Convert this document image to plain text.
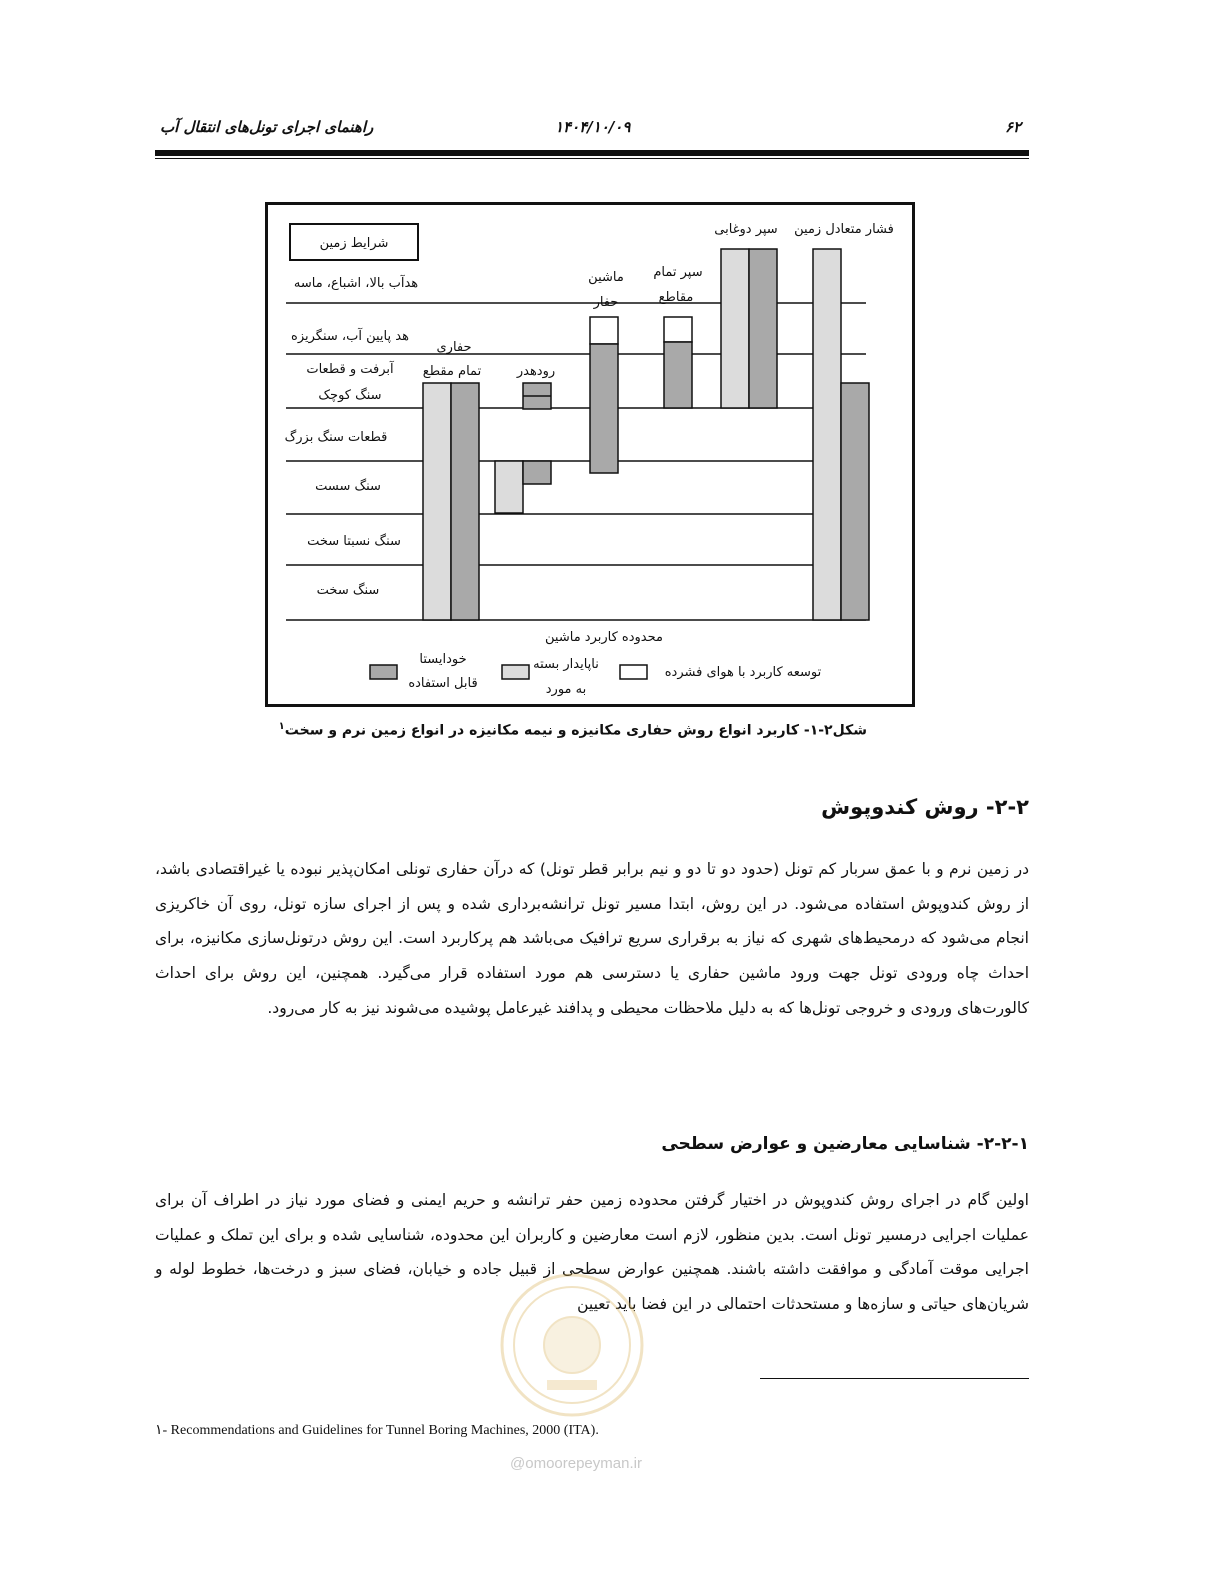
۶۲
۱۴۰۴/۱۰/۰۹
راهنمای اجرای تونل‌های انتقال آب
شرایط زمین
هدآب بالا، اشباع، ماسه
هد پایین آب، سنگریزه
آبرفت و قطعات
سنگ کوچک
قطعات سنگ بزرگ
سنگ سست
سنگ نسبتا سخت
سنگ سخت
حفاری
تمام مقطع	رودهدر
ماشین
حفار
سپر تمام
مقاطع
سپر دوغابی فشار متعادل زمین
محدوده کاربرد ماشین
خودایستا
قابل استفاده
ناپایدار بسته
به مورد
توسعه کاربرد با هوای فشرده
شکل۲-۱- کاربرد انواع روش حفاری مکانیزه و نیمه مکانیزه در انواع زمین نرم و سخت$^۱$
۲-۲- روش کندوپوش
در زمین نرم و با عمق سربار کم تونل (حدود دو تا دو و نیم برابر قطر تونل) که درآن حفاری تونلی امکان‌پذیر نبوده یا غیراقتصادی باشد، از روش کندوپوش استفاده می‌شود. در این روش، ابتدا مسیر تونل ترانشه‌برداری شده و پس از اجرای سازه تونل، روی آن خاکریزی انجام می‌شود که درمحیط‌های شهری که نیاز به برقراری سریع ترافیک می‌باشد هم پرکاربرد است. این روش درتونل‌سازی مکانیزه، برای احداث چاه ورودی تونل جهت ورود ماشین حفاری یا دسترسی هم مورد استفاده قرار می‌گیرد. همچنین، این روش برای احداث کالورت‌های ورودی و خروجی تونل‌ها که به دلیل ملاحظات محیطی و پدافند غیرعامل پوشیده می‌شوند نیز به کار می‌رود.
۲-۲-۱- شناسایی معارضین و عوارض سطحی
اولین گام در اجرای روش کندوپوش در اختیار گرفتن محدوده زمین حفر ترانشه و حریم ایمنی و فضای مورد نیاز در اطراف آن برای عملیات اجرایی درمسیر تونل است. بدین منظور، لازم است معارضین و کاربران این محدوده، شناسایی شده و برای این تملک و عملیات اجرایی موقت آمادگی و موافقت داشته باشند. همچنین عوارض سطحی از قبیل جاده و خیابان، فضای سبز و درخت‌ها، خطوط لوله و شریان‌های حیاتی و سازه‌ها و مستحدثات احتمالی در این فضا باید تعیین
۱- Recommendations and Guidelines for Tunnel Boring Machines, 2000 (ITA).
@omoorepeyman.ir
